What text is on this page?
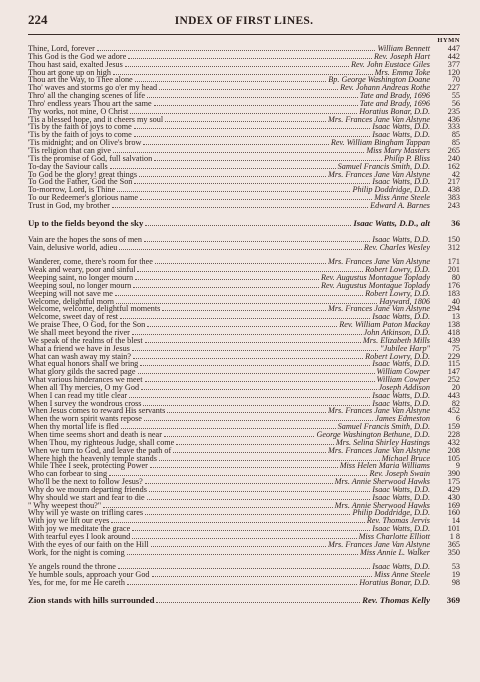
224	INDEX OF FIRST LINES.
HYMN
Thine, Lord, forever	William Bennett	447
This God is the God we adore	Rev. Joseph Hart	442
Thou hast said, exalted Jesus	Rev. John Eustace Giles	377
Thou art gone up on high	Mrs. Emma Toke	120
Thou art the Way, to Thee alone	Bp. George Washington Doane	70
Tho' waves and storms go o'er my head	Rev. Johann Andreas Rothe	227
Thro' all the changing scenes of life	Tate and Brady, 1696	55
Thro' endless years Thou art the same	Tate and Brady, 1696	56
Thy works, not mine, O Christ	Horatius Bonar, D.D.	235
'Tis a blessed hope, and it cheers my soul	Mrs. Frances Jane Van Alstyne	436
'Tis by the faith of joys to come	Isaac Watts, D.D.	333
'Tis by the faith of joys to come	Isaac Watts, D.D.	85
'Tis midnight; and on Olive's brow	Rev. William Bingham Tappan	85
'Tis religion that can give	Miss Mary Masters	265
'Tis the promise of God, full salvation	Philip P. Bliss	240
To-day the Saviour calls	Samuel Francis Smith, D.D.	162
To God be the glory! great things	Mrs. Frances Jane Van Alstyne	42
To God the Father, God the Son	Isaac Watts, D.D.	217
To-morrow, Lord, is Thine	Philip Doddridge, D.D.	438
To our Redeemer's glorious name	Miss Anne Steele	383
Trust in God, my brother	Edward A. Barnes	243
Up to the fields beyond the sky	Isaac Watts, D.D., alt	36
Vain are the hopes the sons of men	Isaac Watts, D.D.	150
Vain, delusive world, adieu	Rev. Charles Wesley	312
Wanderer, come, there's room for thee	Mrs. Frances Jane Van Alstyne	171
Weak and weary, poor and sinful	Robert Lowry, D.D.	201
Weeping saint, no longer mourn	Rev. Augustus Montague Toplady	80
Weeping soul, no longer mourn	Rev. Augustus Montague Toplady	176
Weeping will not save me	Robert Lowry, D.D.	183
Welcome, delightful morn	Hayward, 1806	40
Welcome, welcome, delightful moments	Mrs. Frances Jane Van Alstyne	294
Welcome, sweet day of rest	Isaac Watts, D.D.	13
We praise Thee, O God, for the Son	Rev. William Paton Mackay	138
We shall meet beyond the river	John Atkinson, D.D.	418
We speak of the realms of the blest	Mrs. Elizabeth Mills	439
What a friend we have in Jesus	"Jubilee Harp"	75
What can wash away my stain?	Robert Lowry, D.D.	229
What equal honors shall we bring	Isaac Watts, D.D.	115
What glory gilds the sacred page	William Cowper	147
What various hinderances we meet	William Cowper	252
When all Thy mercies, O my God	Joseph Addison	20
When I can read my title clear	Isaac Watts, D.D.	443
When I survey the wondrous cross	Isaac Watts, D.D.	82
When Jesus comes to reward His servants	Mrs. Frances Jane Van Alstyne	452
When the worn spirit wants repose	James Edmeston	6
When thy mortal life is fled	Samuel Francis Smith, D.D.	159
When time seems short and death is near	George Washington Bethune, D.D.	228
When Thou, my righteous Judge, shall come	Mrs. Selina Shirley Hastings	432
When we turn to God, and leave the path of	Mrs. Frances Jane Van Alstyne	208
Where high the heavenly temple stands	Michael Bruce	105
While Thee I seek, protecting Power	Miss Helen Maria Williams	9
Who can forbear to sing	Rev. Joseph Swain	390
Who'll be the next to follow Jesus?	Mrs. Annie Sherwood Hawks	175
Why do we mourn departing friends	Isaac Watts, D.D.	429
Why should we start and fear to die	Isaac Watts, D.D.	430
" Why weepest thou?"	Mrs. Annie Sherwood Hawks	169
Why will ye waste on trifling cares	Philip Doddridge, D.D.	160
With joy we lift our eyes	Rev. Thomas Jervis	14
With joy we meditate the grace	Isaac Watts, D.D.	101
With tearful eyes I look around	Miss Charlotte Elliott	1 8
With the eyes of our faith on the Hill	Mrs. Frances Jane Van Alstyne	365
Work, for the night is coming	Miss Annie L. Walker	350
Ye angels round the throne	Isaac Watts, D.D.	53
Ye humble souls, approach your God	Miss Anne Steele	19
Yes, for me, for me He careth	Horatius Bonar, D.D.	98
Zion stands with hills surrounded	Rev. Thomas Kelly	369
